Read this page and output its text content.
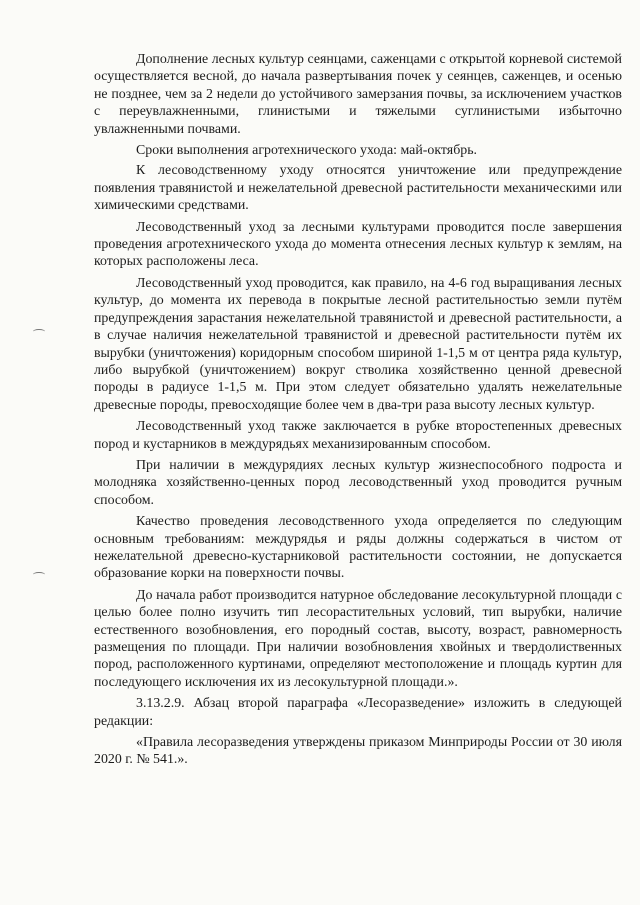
Дополнение лесных культур сеянцами, саженцами с открытой корневой системой осуществляется весной, до начала развертывания почек у сеянцев, саженцев, и осенью не позднее, чем за 2 недели до устойчивого замерзания почвы, за исключением участков с переувлажненными, глинистыми и тяжелыми суглинистыми избыточно увлажненными почвами.

Сроки выполнения агротехнического ухода: май-октябрь.

К лесоводственному уходу относятся уничтожение или предупреждение появления травянистой и нежелательной древесной растительности механическими или химическими средствами.

Лесоводственный уход за лесными культурами проводится после завершения проведения агротехнического ухода до момента отнесения лесных культур к землям, на которых расположены леса.

Лесоводственный уход проводится, как правило, на 4-6 год выращивания лесных культур, до момента их перевода в покрытые лесной растительностью земли путём предупреждения зарастания нежелательной травянистой и древесной растительности, а в случае наличия нежелательной травянистой и древесной растительности путём их вырубки (уничтожения) коридорным способом шириной 1-1,5 м от центра ряда культур, либо вырубкой (уничтожением) вокруг стволика хозяйственно ценной древесной породы в радиусе 1-1,5 м. При этом следует обязательно удалять нежелательные древесные породы, превосходящие более чем в два-три раза высоту лесных культур.

Лесоводственный уход также заключается в рубке второстепенных древесных пород и кустарников в междурядьях механизированным способом.

При наличии в междурядиях лесных культур жизнеспособного подроста и молодняка хозяйственно-ценных пород лесоводственный уход проводится ручным способом.

Качество проведения лесоводственного ухода определяется по следующим основным требованиям: междурядья и ряды должны содержаться в чистом от нежелательной древесно-кустарниковой растительности состоянии, не допускается образование корки на поверхности почвы.

До начала работ производится натурное обследование лесокультурной площади с целью более полно изучить тип лесорастительных условий, тип вырубки, наличие естественного возобновления, его породный состав, высоту, возраст, равномерность размещения по площади. При наличии возобновления хвойных и твердолиственных пород, расположенного куртинами, определяют местоположение и площадь куртин для последующего исключения их из лесокультурной площади.».

3.13.2.9. Абзац второй параграфа «Лесоразведение» изложить в следующей редакции:

«Правила лесоразведения утверждены приказом Минприроды России от 30 июля 2020 г. № 541.».
